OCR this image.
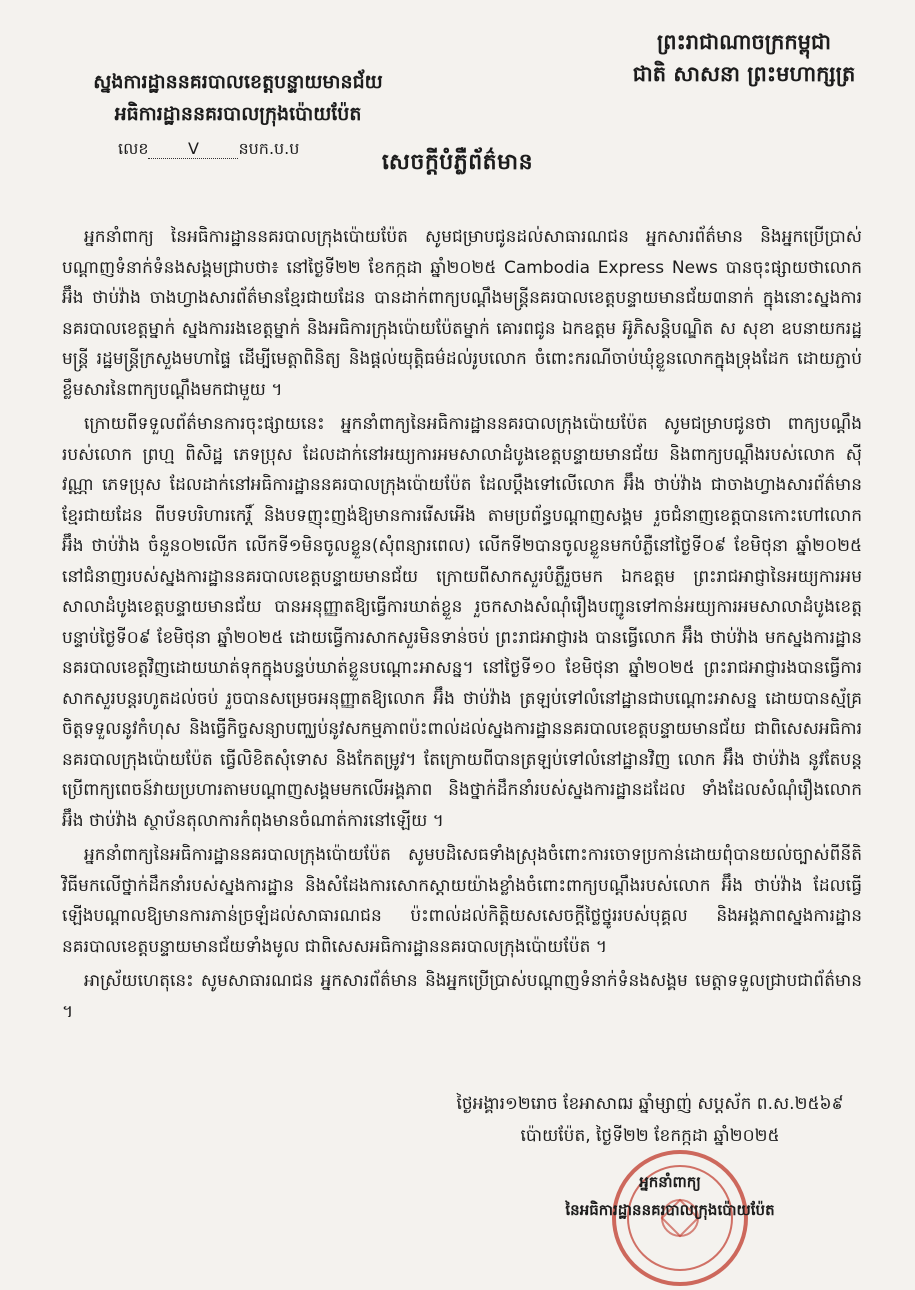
ព្រះរាជាណាចក្រកម្ពុជា
ជាតិ សាសនា ព្រះមហាក្សត្រ
ស្នងការដ្ឋាននគរបាលខេត្តបន្ទាយមានជ័យ
អធិការដ្ឋាននគរបាលក្រុងប៉ោយប៉ែត
លេខ V នបក.ប.ប
សេចក្តីបំភ្លឺព័ត៌មាន

អ្នកនាំពាក្យ នៃអធិការដ្ឋាននគរបាលក្រុងប៉ោយប៉ែត សូមជម្រាបជូនដល់សាធារណជន អ្នកសារព័ត៌មាន និងអ្នកប្រើប្រាស់បណ្តាញទំនាក់ទំនងសង្គមជ្រាបថា៖ នៅថ្ងៃទី២២ ខែកក្កដា ឆ្នាំ២០២៥ Cambodia Express News បានចុះផ្សាយថាលោក អ៊ឹង ថាប់វ៉ាង ចាងហ្វាងសារព័ត៌មានខ្មែរជាយដែន បានដាក់ពាក្យបណ្តឹងមន្ត្រីនគរបាលខេត្តបន្ទាយមានជ័យ៣នាក់ ក្នុងនោះស្នងការនគរបាលខេត្តម្នាក់ ស្នងការរងខេត្តម្នាក់ និងអធិការក្រុងប៉ោយប៉ែតម្នាក់ គោរពជូន ឯកឧត្តម អ៊ូភិសន្តិបណ្ឌិត ស សុខា ឧបនាយករដ្ឋមន្ត្រី រដ្ឋមន្ត្រីក្រសួងមហាផ្ទៃ ដើម្បីមេត្តាពិនិត្យ និងផ្តល់យុត្តិធម៌ដល់រូបលោក ចំពោះករណីចាប់ឃុំខ្លួនលោកក្នុងទ្រុងដែក ដោយភ្ជាប់ខ្លឹមសារនៃពាក្យបណ្តឹងមកជាមួយ ។

ក្រោយពីទទួលព័ត៌មានការចុះផ្សាយនេះ អ្នកនាំពាក្យនៃអធិការដ្ឋាននគរបាលក្រុងប៉ោយប៉ែត សូមជម្រាបជូនថា ពាក្យបណ្តឹងរបស់លោក ព្រហ្ម ពិសិដ្ឋ ភេទប្រុស ដែលដាក់នៅអយ្យការអមសាលាដំបូងខេត្តបន្ទាយមានជ័យ និងពាក្យបណ្តឹងរបស់លោក ស៊ី វណ្ណា ភេទប្រុស ដែលដាក់នៅអធិការដ្ឋាននគរបាលក្រុងប៉ោយប៉ែត ដែលប្តឹងទៅលើលោក អ៊ឹង ថាប់វ៉ាង ជាចាងហ្វាងសារព័ត៌មានខ្មែរជាយដែន ពីបទបរិហារកេរ្តិ៍ និងបទញុះញង់ឱ្យមានការរើសអើង តាមប្រព័ន្ធបណ្តាញសង្គម រួចជំនាញខេត្តបានកោះហៅលោក អ៊ឹង ថាប់វ៉ាង ចំនួន០២លើក លើកទី១មិនចូលខ្លួន(សុំពន្យារពេល) លើកទី២បានចូលខ្លួនមកបំភ្លឺនៅថ្ងៃទី០៩ ខែមិថុនា ឆ្នាំ២០២៥ នៅជំនាញរបស់ស្នងការដ្ឋាននគរបាលខេត្តបន្ទាយមានជ័យ ក្រោយពីសាកសួរបំភ្លឺរួចមក ឯកឧត្តម ព្រះរាជអាជ្ញានៃអយ្យការអមសាលាដំបូងខេត្តបន្ទាយមានជ័យ បានអនុញ្ញាតឱ្យធ្វើការឃាត់ខ្លួន រួចកសាងសំណុំរឿងបញ្ជូនទៅកាន់អយ្យការអមសាលាដំបូងខេត្តបន្ទាប់ថ្ងៃទី០៩ ខែមិថុនា ឆ្នាំ២០២៥ ដោយធ្វើការសាកសួរមិនទាន់ចប់ ព្រះរាជអាជ្ញារង បានធ្វើលោក អ៊ឹង ថាប់វ៉ាង មកស្នងការដ្ឋាននគរបាលខេត្តវិញដោយឃាត់ទុកក្នុងបន្ទប់ឃាត់ខ្លួនបណ្តោះអាសន្ន។ នៅថ្ងៃទី១០ ខែមិថុនា ឆ្នាំ២០២៥ ព្រះរាជអាជ្ញារងបានធ្វើការសាកសួរបន្តរហូតដល់ចប់ រួចបានសម្រេចអនុញ្ញាតឱ្យលោក អ៊ឹង ថាប់វ៉ាង ត្រឡប់ទៅលំនៅដ្ឋានជាបណ្តោះអាសន្ន ដោយបានស្ម័គ្រចិត្តទទួលនូវកំហុស និងធ្វើកិច្ចសន្យាបញ្ឈប់នូវសកម្មភាពប៉ះពាល់ដល់ស្នងការដ្ឋាននគរបាលខេត្តបន្ទាយមានជ័យ ជាពិសេសអធិការនគរបាលក្រុងប៉ោយប៉ែត ធ្វើលិខិតសុំទោស និងកែតម្រូវ។ តែក្រោយពីបានត្រឡប់ទៅលំនៅដ្ឋានវិញ លោក អ៊ឹង ថាប់វ៉ាង នូវតែបន្តប្រើពាក្យពេចន៍វាយប្រហារតាមបណ្តាញសង្គមមកលើអង្គភាព និងថ្នាក់ដឹកនាំរបស់ស្នងការដ្ឋានដដែល ទាំងដែលសំណុំរឿងលោក អ៊ឹង ថាប់វ៉ាង ស្ថាប័នតុលាការកំពុងមានចំណាត់ការនៅឡើយ ។

អ្នកនាំពាក្យនៃអធិការដ្ឋាននគរបាលក្រុងប៉ោយប៉ែត សូមបដិសេធទាំងស្រុងចំពោះការចោទប្រកាន់ដោយពុំបានយល់ច្បាស់ពីនីតិវិធីមកលើថ្នាក់ដឹកនាំរបស់ស្នងការដ្ឋាន និងសំដែងការសោកស្តាយយ៉ាងខ្លាំងចំពោះពាក្យបណ្តឹងរបស់លោក អ៊ឹង ថាប់វ៉ាង ដែលធ្វើឡើងបណ្តាលឱ្យមានការភាន់ច្រឡំដល់សាធារណជន ប៉ះពាល់ដល់កិត្តិយសសេចក្តីថ្លៃថ្នូររបស់បុគ្គល និងអង្គភាពស្នងការដ្ឋាននគរបាលខេត្តបន្ទាយមានជ័យទាំងមូល ជាពិសេសអធិការដ្ឋាននគរបាលក្រុងប៉ោយប៉ែត ។

អាស្រ័យហេតុនេះ សូមសាធារណជន អ្នកសារព័ត៌មាន និងអ្នកប្រើប្រាស់បណ្តាញទំនាក់ទំនងសង្គម មេត្តាទទួលជ្រាបជាព័ត៌មាន ។

ថ្ងៃអង្គារ១២រោច ខែអាសាឍ ឆ្នាំម្សាញ់ សប្តស័ក ព.ស.២៥៦៩
ប៉ោយប៉ែត, ថ្ងៃទី២២ ខែកក្កដា ឆ្នាំ២០២៥
អ្នកនាំពាក្យ
នៃអធិការដ្ឋាននគរបាលក្រុងប៉ោយប៉ែត
